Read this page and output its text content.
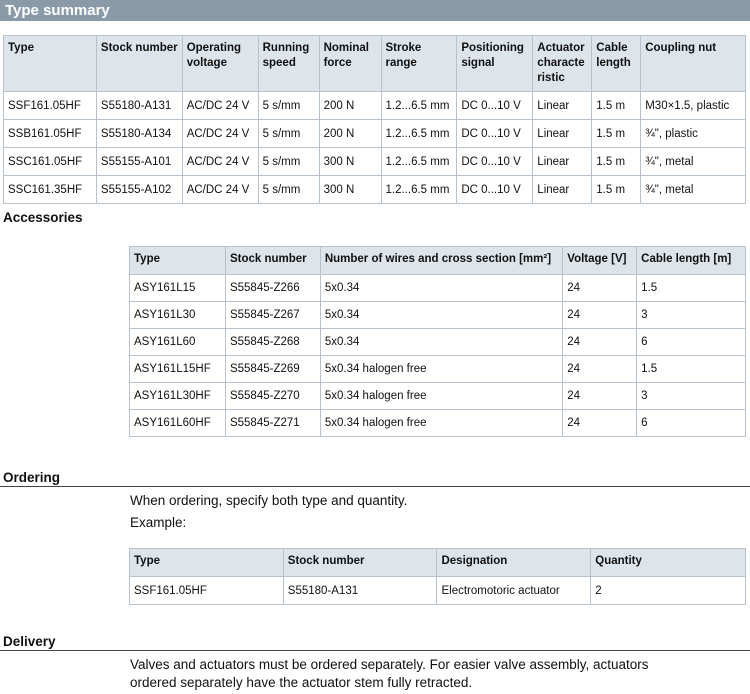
Type summary
Type	Stock number	Operating voltage	Running speed	Nominal force	Stroke range	Positioning signal	Actuator characte ristic	Cable length	Coupling nut
SSF161.05HF	S55180-A131	AC/DC 24 V	5 s/mm	200 N	1.2...6.5 mm	DC 0...10 V	Linear	1.5 m	M30×1.5, plastic
SSB161.05HF	S55180-A134	AC/DC 24 V	5 s/mm	200 N	1.2...6.5 mm	DC 0...10 V	Linear	1.5 m	¾", plastic
SSC161.05HF	S55155-A101	AC/DC 24 V	5 s/mm	300 N	1.2...6.5 mm	DC 0...10 V	Linear	1.5 m	¾", metal
SSC161.35HF	S55155-A102	AC/DC 24 V	5 s/mm	300 N	1.2...6.5 mm	DC 0...10 V	Linear	1.5 m	¾", metal
Accessories
Type	Stock number	Number of wires and cross section [mm²]	Voltage [V]	Cable length [m]
ASY161L15	S55845-Z266	5x0.34	24	1.5
ASY161L30	S55845-Z267	5x0.34	24	3
ASY161L60	S55845-Z268	5x0.34	24	6
ASY161L15HF	S55845-Z269	5x0.34 halogen free	24	1.5
ASY161L30HF	S55845-Z270	5x0.34 halogen free	24	3
ASY161L60HF	S55845-Z271	5x0.34 halogen free	24	6
Ordering
When ordering, specify both type and quantity.
Example:
Type	Stock number	Designation	Quantity
SSF161.05HF	S55180-A131	Electromotoric actuator	2
Delivery
Valves and actuators must be ordered separately. For easier valve assembly, actuators
ordered separately have the actuator stem fully retracted.
